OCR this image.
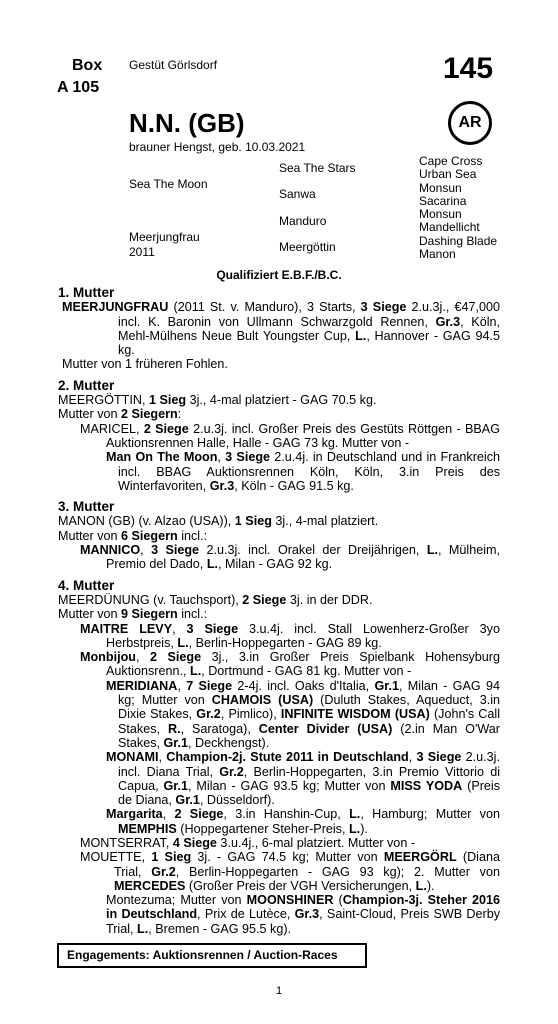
Box
A 105
Gestüt Görlsdorf	145
AR
N.N. (GB)
brauner Hengst, geb. 10.03.2021
Sea The Moon
Meerjungfrau
2011
Sea The Stars
Sanwa
Manduro
Meergöttin
Cape Cross
Urban Sea
Monsun
Sacarina
Monsun
Mandellicht
Dashing Blade
Manon
Qualifiziert E.B.F./B.C.

1. Mutter

MEERJUNGFRAU (2011 St. v. Manduro), 3 Starts, 3 Siege 2.u.3j., €47,000 incl. K. Baronin von Ullmann Schwarzgold Rennen, Gr.3, Köln, Mehl-Mülhens Neue Bult Youngster Cup, L., Hannover - GAG 94.5 kg.

Mutter von 1 früheren Fohlen.

2. Mutter

MEERGÖTTIN, 1 Sieg 3j., 4-mal platziert - GAG 70.5 kg.

Mutter von 2 Siegern:

MARICEL, 2 Siege 2.u.3j. incl. Großer Preis des Gestüts Röttgen - BBAG Auktionsrennen Halle, Halle - GAG 73 kg. Mutter von -

Man On The Moon, 3 Siege 2.u.4j. in Deutschland und in Frankreich incl. BBAG Auktionsrennen Köln, Köln, 3.in Preis des Winterfavoriten, Gr.3, Köln - GAG 91.5 kg.

3. Mutter

MANON (GB) (v. Alzao (USA)), 1 Sieg 3j., 4-mal platziert.

Mutter von 6 Siegern incl.:

MANNICO, 3 Siege 2.u.3j. incl. Orakel der Dreijährigen, L., Mülheim, Premio del Dado, L., Milan - GAG 92 kg.

4. Mutter

MEERDÜNUNG (v. Tauchsport), 2 Siege 3j. in der DDR.

Mutter von 9 Siegern incl.:

MAITRE LEVY, 3 Siege 3.u.4j. incl. Stall Lowenherz-Großer 3yo Herbstpreis, L., Berlin-Hoppegarten - GAG 89 kg.

Monbijou, 2 Siege 3j., 3.in Großer Preis Spielbank Hohensyburg Auktionsrenn., L., Dortmund - GAG 81 kg. Mutter von -

MERIDIANA, 7 Siege 2-4j. incl. Oaks d'Italia, Gr.1, Milan - GAG 94 kg; Mutter von CHAMOIS (USA) (Duluth Stakes, Aqueduct, 3.in Dixie Stakes, Gr.2, Pimlico), INFINITE WISDOM (USA) (John's Call Stakes, R., Saratoga), Center Divider (USA) (2.in Man O'War Stakes, Gr.1, Deckhengst).

MONAMI, Champion-2j. Stute 2011 in Deutschland, 3 Siege 2.u.3j. incl. Diana Trial, Gr.2, Berlin-Hoppegarten, 3.in Premio Vittorio di Capua, Gr.1, Milan - GAG 93.5 kg; Mutter von MISS YODA (Preis de Diana, Gr.1, Düsseldorf).

Margarita, 2 Siege, 3.in Hanshin-Cup, L., Hamburg; Mutter von MEMPHIS (Hoppegartener Steher-Preis, L.).

MONTSERRAT, 4 Siege 3.u.4j., 6-mal platziert. Mutter von -

MOUETTE, 1 Sieg 3j. - GAG 74.5 kg; Mutter von MEERGÖRL (Diana Trial, Gr.2, Berlin-Hoppegarten - GAG 93 kg); 2. Mutter von MERCEDES (Großer Preis der VGH Versicherungen, L.).

Montezuma; Mutter von MOONSHINER (Champion-3j. Steher 2016 in Deutschland, Prix de Lutèce, Gr.3, Saint-Cloud, Preis SWB Derby Trial, L., Bremen - GAG 95.5 kg).

Engagements: Auktionsrennen / Auction-Races
1
